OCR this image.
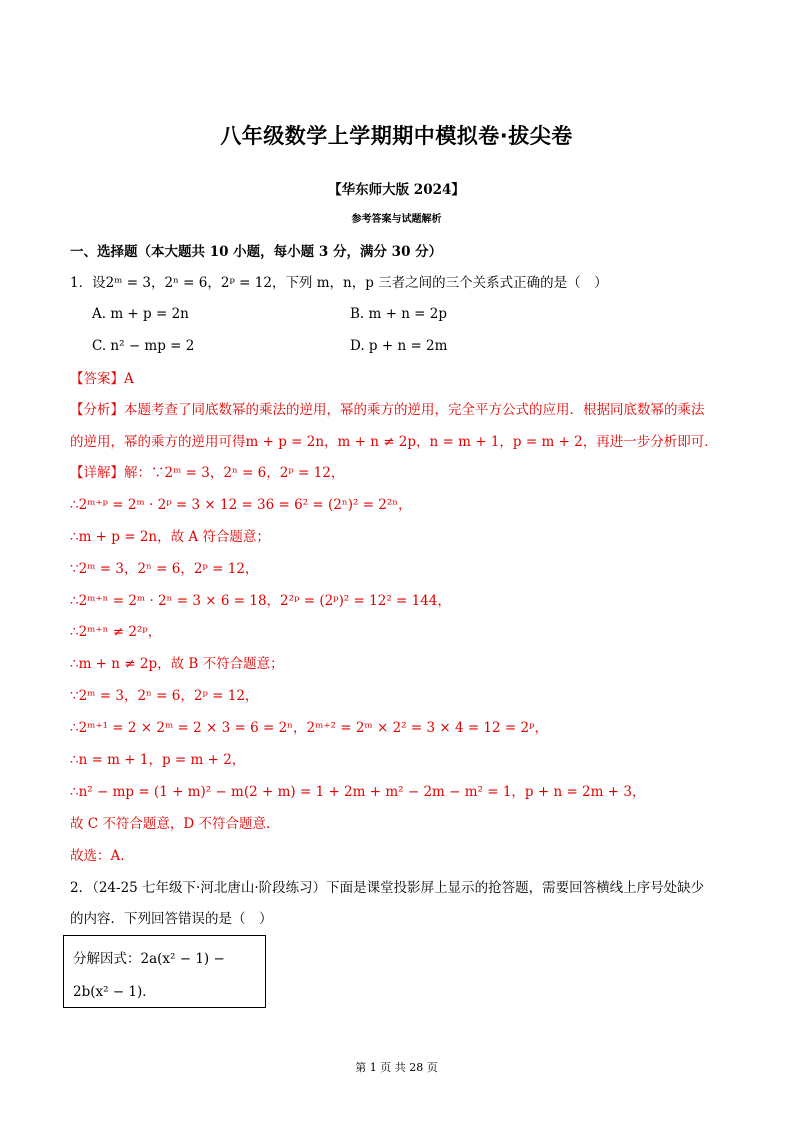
八年级数学上学期期中模拟卷·拔尖卷
【华东师大版 2024】
参考答案与试题解析
一、选择题（本大题共 10 小题，每小题 3 分，满分 30 分）
1．设2ᵐ = 3，2ⁿ = 6，2ᵖ = 12，下列 m，n，p 三者之间的三个关系式正确的是（　）
A. m + p = 2n	B. m + n = 2p
C. n² − mp = 2	D. p + n = 2m
【答案】A
【分析】本题考查了同底数幂的乘法的逆用，幂的乘方的逆用，完全平方公式的应用．根据同底数幂的乘法
的逆用，幂的乘方的逆用可得m + p = 2n，m + n ≠ 2p，n = m + 1，p = m + 2，再进一步分析即可．
【详解】解：∵2ᵐ = 3，2ⁿ = 6，2ᵖ = 12，
∴2ᵐ⁺ᵖ = 2ᵐ · 2ᵖ = 3 × 12 = 36 = 6² = (2ⁿ)² = 2²ⁿ，
∴m + p = 2n，故 A 符合题意；
∵2ᵐ = 3，2ⁿ = 6，2ᵖ = 12，
∴2ᵐ⁺ⁿ = 2ᵐ · 2ⁿ = 3 × 6 = 18，2²ᵖ = (2ᵖ)² = 12² = 144，
∴2ᵐ⁺ⁿ ≠ 2²ᵖ，
∴m + n ≠ 2p，故 B 不符合题意；
∵2ᵐ = 3，2ⁿ = 6，2ᵖ = 12，
∴2ᵐ⁺¹ = 2 × 2ᵐ = 2 × 3 = 6 = 2ⁿ，2ᵐ⁺² = 2ᵐ × 2² = 3 × 4 = 12 = 2ᵖ，
∴n = m + 1，p = m + 2，
∴n² − mp = (1 + m)² − m(2 + m) = 1 + 2m + m² − 2m − m² = 1，p + n = 2m + 3，
故 C 不符合题意，D 不符合题意.
故选：A.
2．（24-25 七年级下·河北唐山·阶段练习）下面是课堂投影屏上显示的抢答题，需要回答横线上序号处缺少
的内容．下列回答错误的是（　）
分解因式：2a(x² − 1) −
2b(x² − 1)．
第 1 页 共 28 页
